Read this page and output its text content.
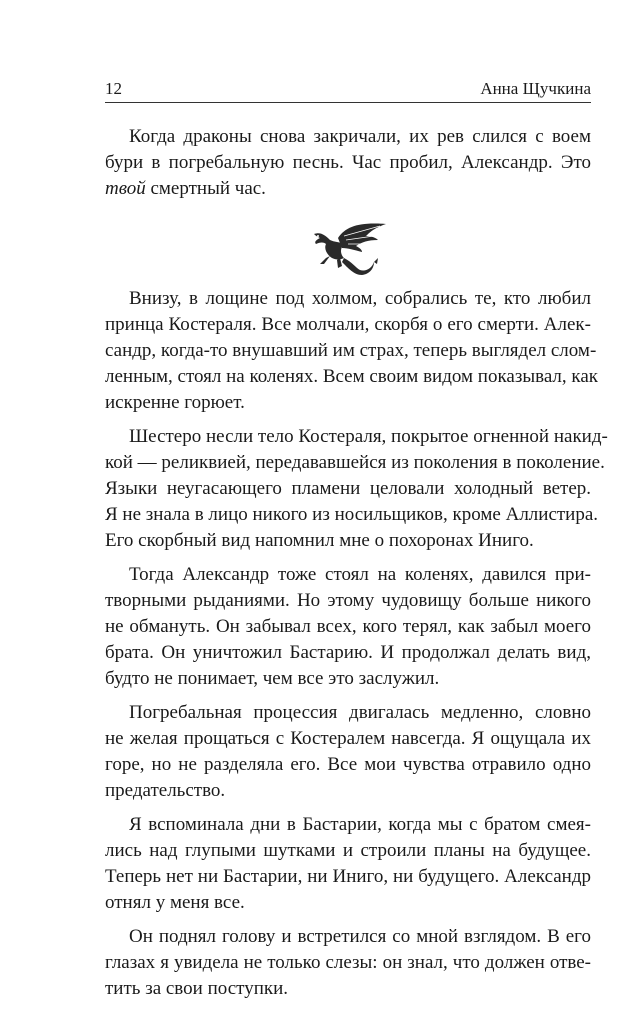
12	Анна Щучкина
Когда драконы снова закричали, их рев слился с воем
бури в погребальную песнь. Час пробил, Александр. Это
твой смертный час.
Внизу, в лощине под холмом, собрались те, кто любил
принца Костераля. Все молчали, скорбя о его смерти. Алек-
сандр, когда-то внушавший им страх, теперь выглядел слом-
ленным, стоял на коленях. Всем своим видом показывал, как
искренне горюет.
Шестеро несли тело Костераля, покрытое огненной накид-
кой — реликвией, передававшейся из поколения в поколение.
Языки неугасающего пламени целовали холодный ветер.
Я не знала в лицо никого из носильщиков, кроме Аллистира.
Его скорбный вид напомнил мне о похоронах Иниго.
Тогда Александр тоже стоял на коленях, давился при-
творными рыданиями. Но этому чудовищу больше никого
не обмануть. Он забывал всех, кого терял, как забыл моего
брата. Он уничтожил Бастарию. И продолжал делать вид,
будто не понимает, чем все это заслужил.
Погребальная процессия двигалась медленно, словно
не желая прощаться с Костералем навсегда. Я ощущала их
горе, но не разделяла его. Все мои чувства отравило одно
предательство.
Я вспоминала дни в Бастарии, когда мы с братом смея-
лись над глупыми шутками и строили планы на будущее.
Теперь нет ни Бастарии, ни Иниго, ни будущего. Александр
отнял у меня все.
Он поднял голову и встретился со мной взглядом. В его
глазах я увидела не только слезы: он знал, что должен отве-
тить за свои поступки.
